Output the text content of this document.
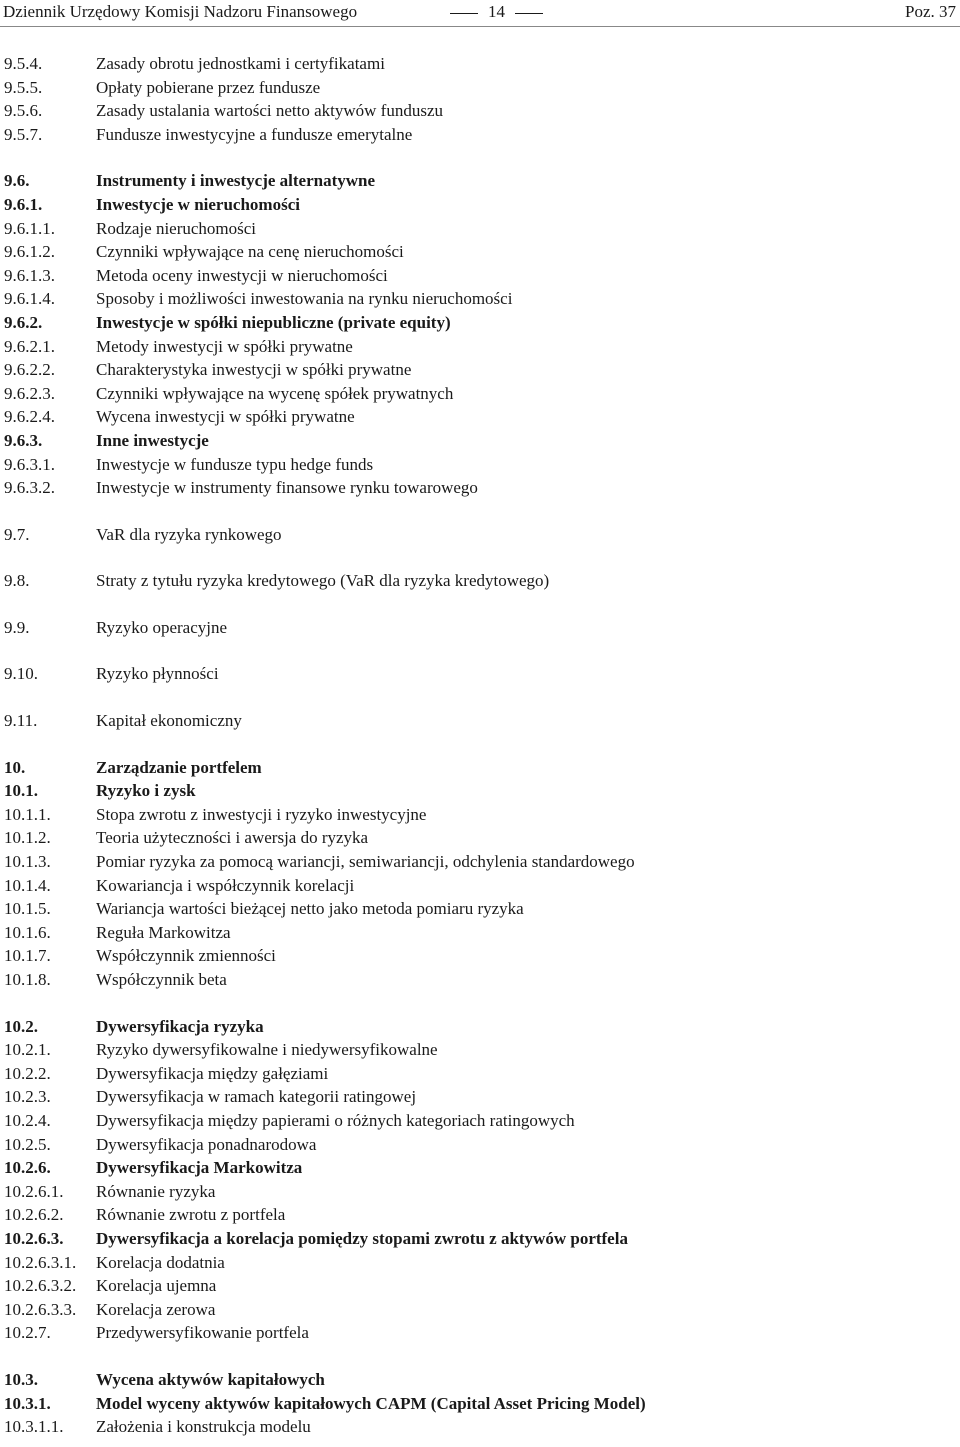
Dziennik Urzędowy Komisji Nadzoru Finansowego	14	Poz. 37
9.5.4.	Zasady obrotu jednostkami i certyfikatami
9.5.5.	Opłaty pobierane przez fundusze
9.5.6.	Zasady ustalania wartości netto aktywów funduszu
9.5.7.	Fundusze inwestycyjne a fundusze emerytalne
9.6.	Instrumenty i inwestycje alternatywne
9.6.1.	Inwestycje w nieruchomości
9.6.1.1.	Rodzaje nieruchomości
9.6.1.2.	Czynniki wpływające na cenę nieruchomości
9.6.1.3.	Metoda oceny inwestycji w nieruchomości
9.6.1.4.	Sposoby i możliwości inwestowania na rynku nieruchomości
9.6.2.	Inwestycje w spółki niepubliczne (private equity)
9.6.2.1.	Metody inwestycji w spółki prywatne
9.6.2.2.	Charakterystyka inwestycji w spółki prywatne
9.6.2.3.	Czynniki wpływające na wycenę spółek prywatnych
9.6.2.4.	Wycena inwestycji w spółki prywatne
9.6.3.	Inne inwestycje
9.6.3.1.	Inwestycje w fundusze typu hedge funds
9.6.3.2.	Inwestycje w instrumenty finansowe rynku towarowego
9.7.	VaR dla ryzyka rynkowego
9.8.	Straty z tytułu ryzyka kredytowego (VaR dla ryzyka kredytowego)
9.9.	Ryzyko operacyjne
9.10.	Ryzyko płynności
9.11.	Kapitał ekonomiczny
10.	Zarządzanie portfelem
10.1.	Ryzyko i zysk
10.1.1.	Stopa zwrotu z inwestycji i ryzyko inwestycyjne
10.1.2.	Teoria użyteczności i awersja do ryzyka
10.1.3.	Pomiar ryzyka za pomocą wariancji, semiwariancji, odchylenia standardowego
10.1.4.	Kowariancja i współczynnik korelacji
10.1.5.	Wariancja wartości bieżącej netto jako metoda pomiaru ryzyka
10.1.6.	Reguła Markowitza
10.1.7.	Współczynnik zmienności
10.1.8.	Współczynnik beta
10.2.	Dywersyfikacja ryzyka
10.2.1.	Ryzyko dywersyfikowalne i niedywersyfikowalne
10.2.2.	Dywersyfikacja między gałęziami
10.2.3.	Dywersyfikacja w ramach kategorii ratingowej
10.2.4.	Dywersyfikacja między papierami o różnych kategoriach ratingowych
10.2.5.	Dywersyfikacja ponadnarodowa
10.2.6.	Dywersyfikacja Markowitza
10.2.6.1.	Równanie ryzyka
10.2.6.2.	Równanie zwrotu z portfela
10.2.6.3.	Dywersyfikacja a korelacja pomiędzy stopami zwrotu z aktywów portfela
10.2.6.3.1.	Korelacja dodatnia
10.2.6.3.2.	Korelacja ujemna
10.2.6.3.3.	Korelacja zerowa
10.2.7.	Przedywersyfikowanie portfela
10.3.	Wycena aktywów kapitałowych
10.3.1.	Model wyceny aktywów kapitałowych CAPM (Capital Asset Pricing Model)
10.3.1.1.	Założenia i konstrukcja modelu
